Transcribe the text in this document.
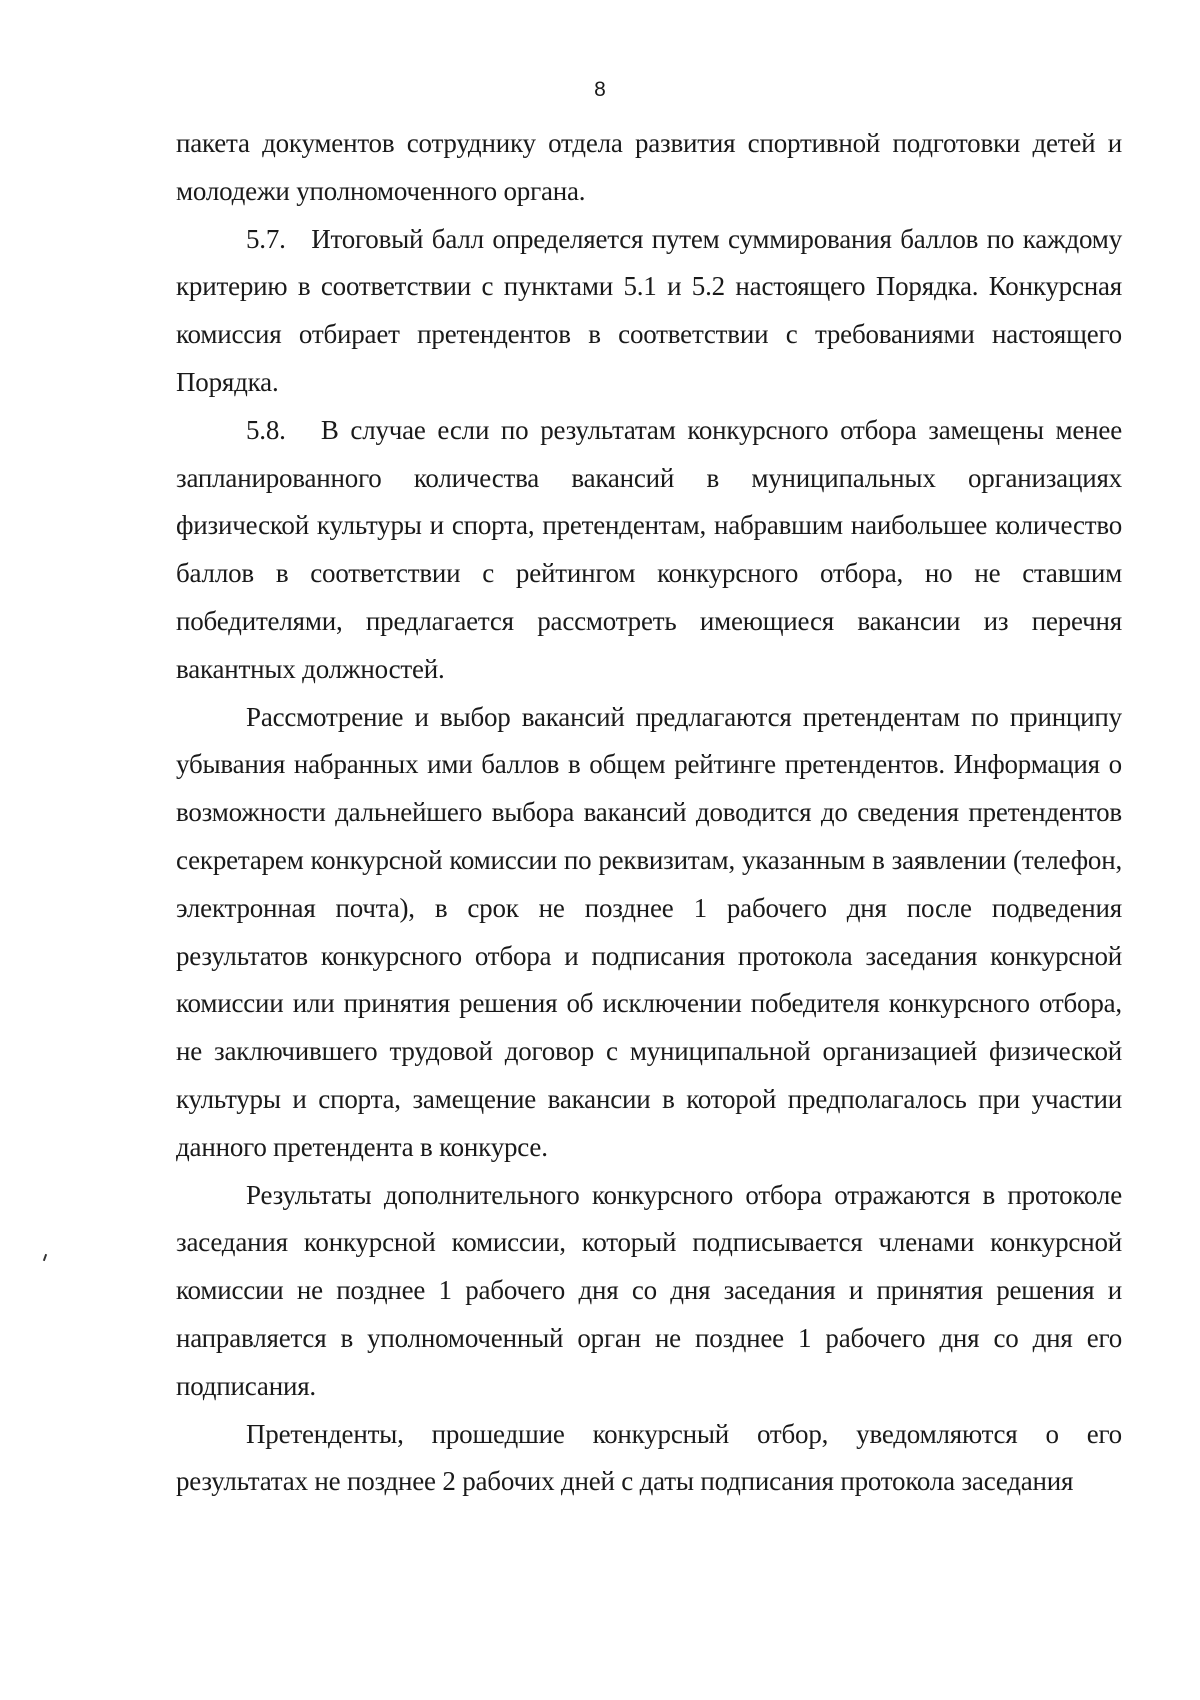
8

пакета документов сотруднику отдела развития спортивной подготовки детей и молодежи уполномоченного органа.

5.7. Итоговый балл определяется путем суммирования баллов по каждому критерию в соответствии с пунктами 5.1 и 5.2 настоящего Порядка. Конкурсная комиссия отбирает претендентов в соответствии с требованиями настоящего Порядка.

5.8. В случае если по результатам конкурсного отбора замещены менее запланированного количества вакансий в муниципальных организациях физической культуры и спорта, претендентам, набравшим наибольшее количество баллов в соответствии с рейтингом конкурсного отбора, но не ставшим победителями, предлагается рассмотреть имеющиеся вакансии из перечня вакантных должностей.

Рассмотрение и выбор вакансий предлагаются претендентам по принципу убывания набранных ими баллов в общем рейтинге претендентов. Информация о возможности дальнейшего выбора вакансий доводится до сведения претендентов секретарем конкурсной комиссии по реквизитам, указанным в заявлении (телефон, электронная почта), в срок не позднее 1 рабочего дня после подведения результатов конкурсного отбора и подписания протокола заседания конкурсной комиссии или принятия решения об исключении победителя конкурсного отбора, не заключившего трудовой договор с муниципальной организацией физической культуры и спорта, замещение вакансии в которой предполагалось при участии данного претендента в конкурсе.

Результаты дополнительного конкурсного отбора отражаются в протоколе заседания конкурсной комиссии, который подписывается членами конкурсной комиссии не позднее 1 рабочего дня со дня заседания и принятия решения и направляется в уполномоченный орган не позднее 1 рабочего дня со дня его подписания.

Претенденты, прошедшие конкурсный отбор, уведомляются о его результатах не позднее 2 рабочих дней с даты подписания протокола заседания
